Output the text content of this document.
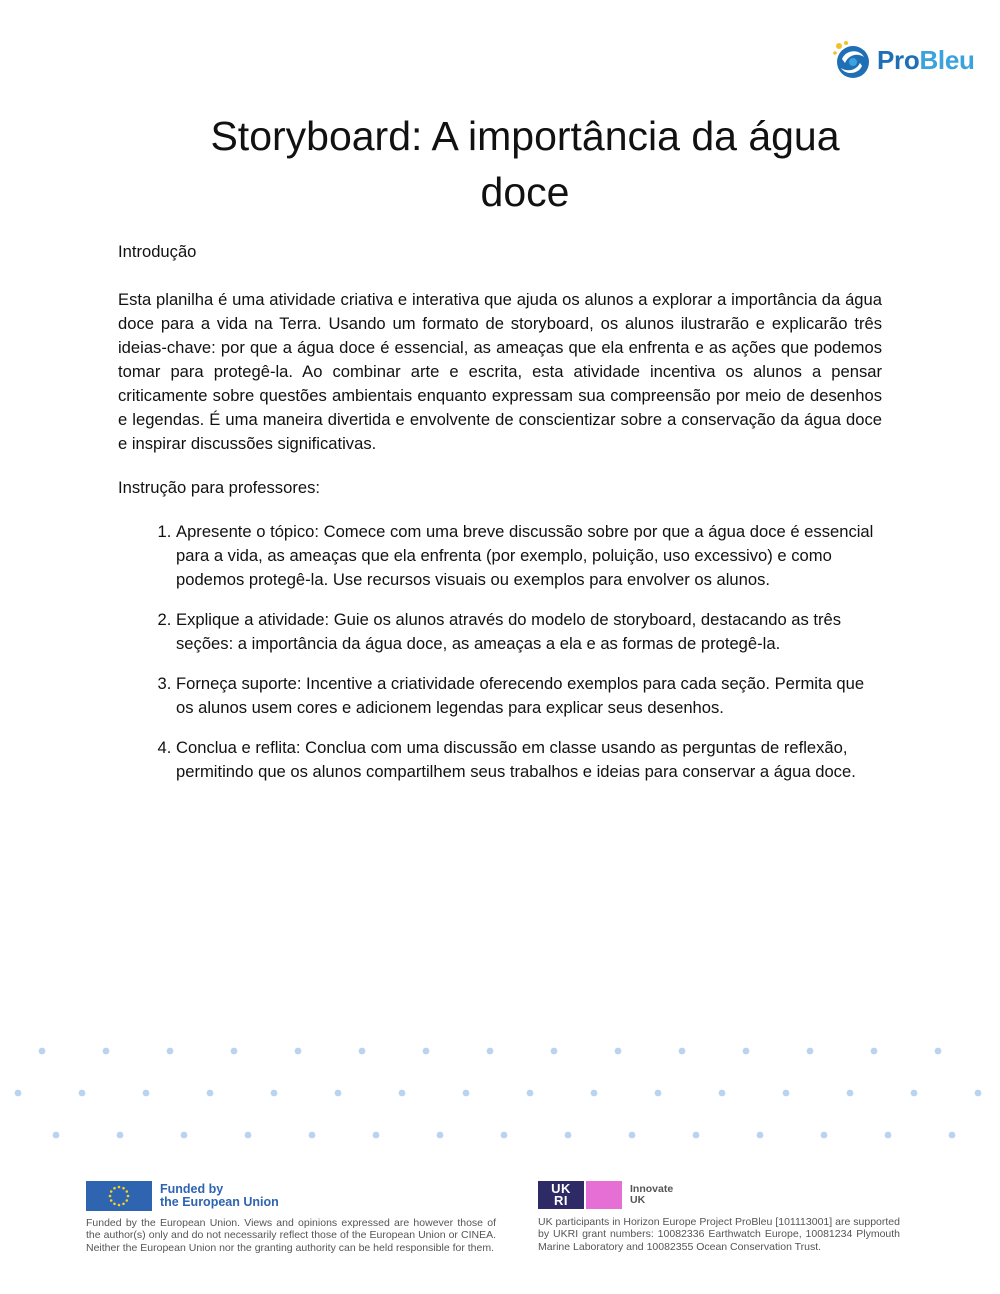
ProBleu
Storyboard: A importância da água
doce

Introdução

Esta planilha é uma atividade criativa e interativa que ajuda os alunos a explorar a importância da água doce para a vida na Terra. Usando um formato de storyboard, os alunos ilustrarão e explicarão três ideias-chave: por que a água doce é essencial, as ameaças que ela enfrenta e as ações que podemos tomar para protegê-la. Ao combinar arte e escrita, esta atividade incentiva os alunos a pensar criticamente sobre questões ambientais enquanto expressam sua compreensão por meio de desenhos e legendas. É uma maneira divertida e envolvente de conscientizar sobre a conservação da água doce e inspirar discussões significativas.

Instrução para professores:

1. Apresente o tópico: Comece com uma breve discussão sobre por que a água doce é essencial para a vida, as ameaças que ela enfrenta (por exemplo, poluição, uso excessivo) e como podemos protegê-la. Use recursos visuais ou exemplos para envolver os alunos.
2. Explique a atividade: Guie os alunos através do modelo de storyboard, destacando as três seções: a importância da água doce, as ameaças a ela e as formas de protegê-la.
3. Forneça suporte: Incentive a criatividade oferecendo exemplos para cada seção. Permita que os alunos usem cores e adicionem legendas para explicar seus desenhos.
4. Conclua e reflita: Conclua com uma discussão em classe usando as perguntas de reflexão, permitindo que os alunos compartilhem seus trabalhos e ideias para conservar a água doce.
Funded by
the European Union
Funded by the European Union. Views and opinions expressed are however those of the author(s) only and do not necessarily reflect those of the European Union or CINEA. Neither the European Union nor the granting authority can be held responsible for them.
UK
RI
Innovate
UK
UK participants in Horizon Europe Project ProBleu [101113001] are supported by UKRI grant numbers: 10082336 Earthwatch Europe, 10081234 Plymouth Marine Laboratory and 10082355 Ocean Conservation Trust.
